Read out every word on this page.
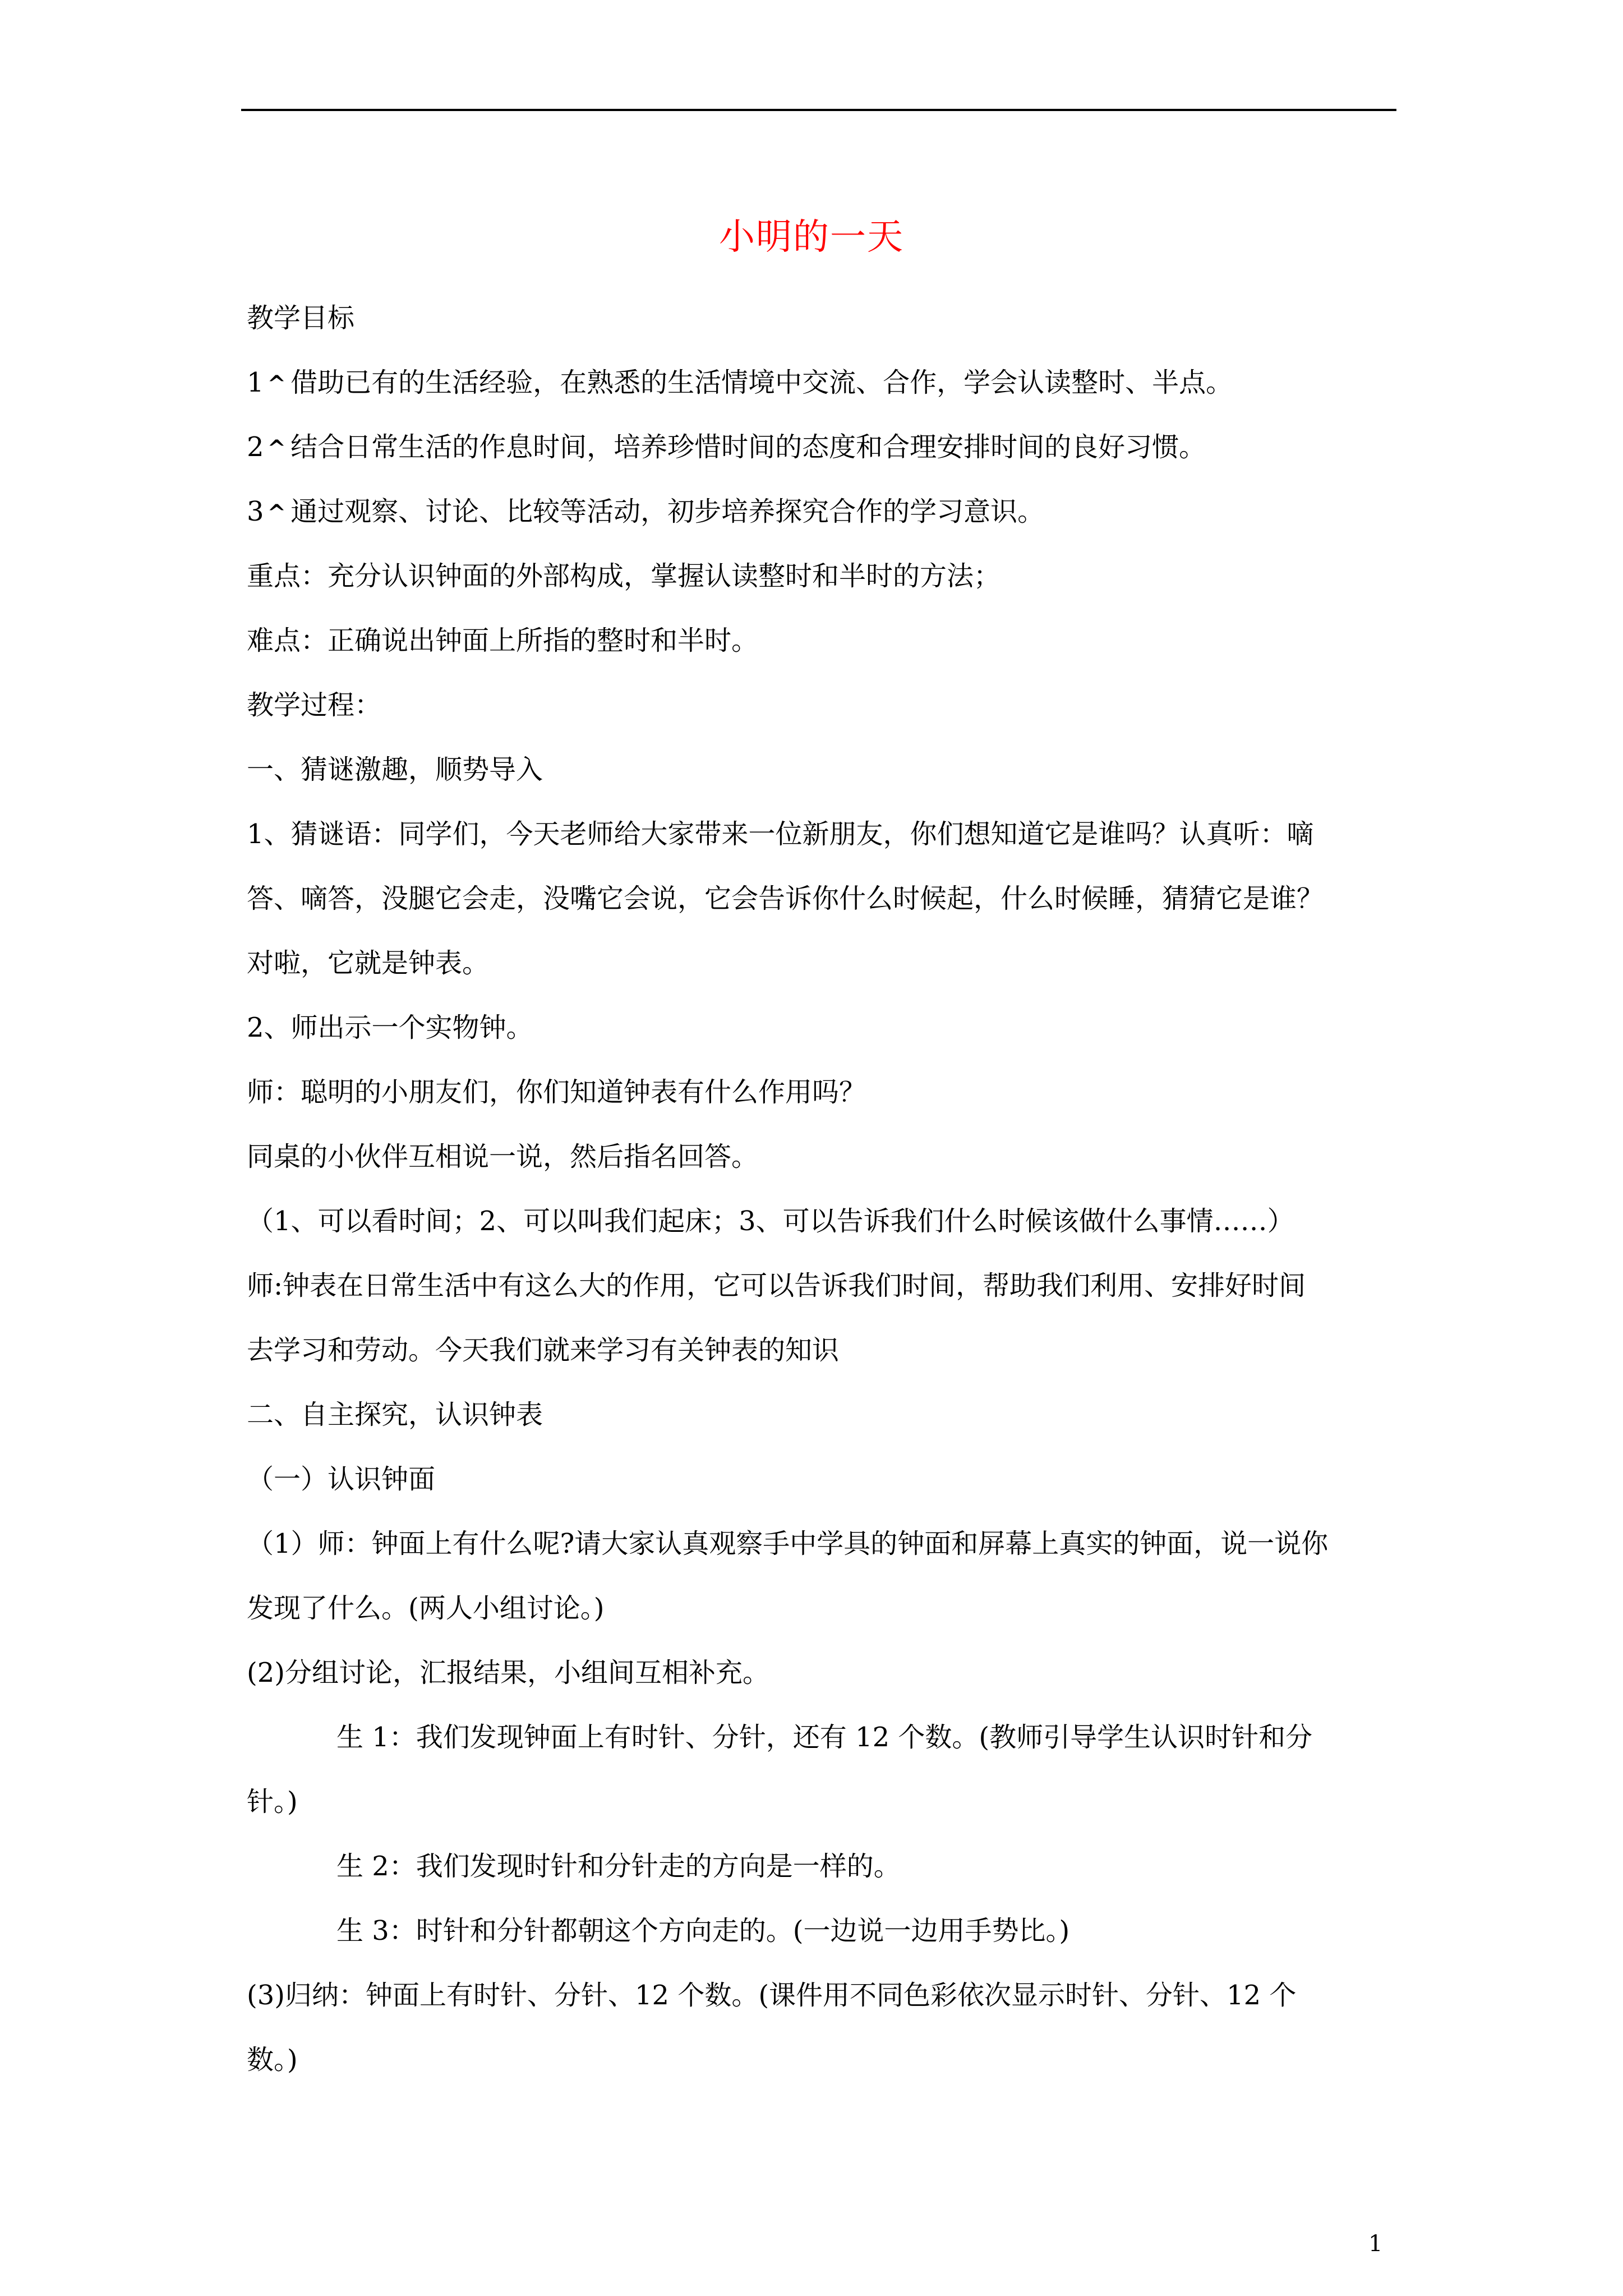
小明的一天
教学目标
1 ^ 借助已有的生活经验，在熟悉的生活情境中交流、合作，学会认读整时、半点。
2 ^ 结合日常生活的作息时间，培养珍惜时间的态度和合理安排时间的良好习惯。
3 ^ 通过观察、讨论、比较等活动，初步培养探究合作的学习意识。
重点：充分认识钟面的外部构成，掌握认读整时和半时的方法；
难点：正确说出钟面上所指的整时和半时。
教学过程：
一、猜谜激趣，顺势导入
1、猜谜语：同学们，今天老师给大家带来一位新朋友，你们想知道它是谁吗？认真听：嘀
答、嘀答，没腿它会走，没嘴它会说，它会告诉你什么时候起，什么时候睡，猜猜它是谁？
对啦，它就是钟表。
2、师出示一个实物钟。
师：聪明的小朋友们，你们知道钟表有什么作用吗？
同桌的小伙伴互相说一说，然后指名回答。
（1、可以看时间；2、可以叫我们起床；3、可以告诉我们什么时候该做什么事情……）
师:钟表在日常生活中有这么大的作用，它可以告诉我们时间，帮助我们利用、安排好时间
去学习和劳动。今天我们就来学习有关钟表的知识
二、自主探究，认识钟表
（一）认识钟面
（1）师：钟面上有什么呢?请大家认真观察手中学具的钟面和屏幕上真实的钟面，说一说你
发现了什么。(两人小组讨论。)
(2)分组讨论，汇报结果，小组间互相补充。
生 1：我们发现钟面上有时针、分针，还有 12 个数。(教师引导学生认识时针和分
针。)
生 2：我们发现时针和分针走的方向是一样的。
生 3：时针和分针都朝这个方向走的。(一边说一边用手势比。)
(3)归纳：钟面上有时针、分针、12 个数。(课件用不同色彩依次显示时针、分针、12 个
数。)
1
